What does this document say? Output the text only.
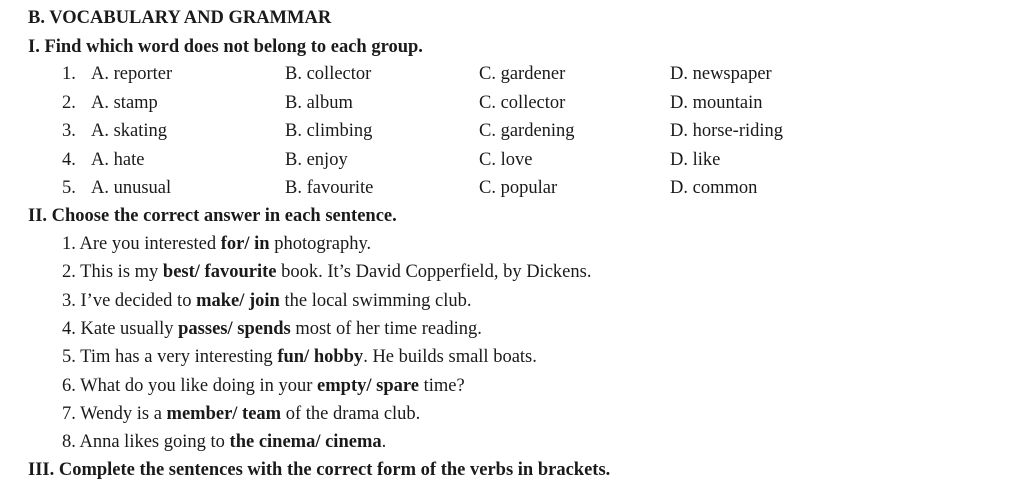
B. VOCABULARY AND GRAMMAR
I. Find which word does not belong to each group.
1. A. reporter	B. collector	C. gardener	D. newspaper
2. A. stamp	B. album	C. collector	D. mountain
3. A. skating	B. climbing	C. gardening	D. horse-riding
4. A. hate	B. enjoy	C. love	D. like
5. A. unusual	B. favourite	C. popular	D. common
II. Choose the correct answer in each sentence.
1. Are you interested for/ in photography.
2. This is my best/ favourite book. It’s David Copperfield, by Dickens.
3. I’ve decided to make/ join the local swimming club.
4. Kate usually passes/ spends most of her time reading.
5. Tim has a very interesting fun/ hobby. He builds small boats.
6. What do you like doing in your empty/ spare time?
7. Wendy is a member/ team of the drama club.
8. Anna likes going to the cinema/ cinema.
III. Complete the sentences with the correct form of the verbs in brackets.
